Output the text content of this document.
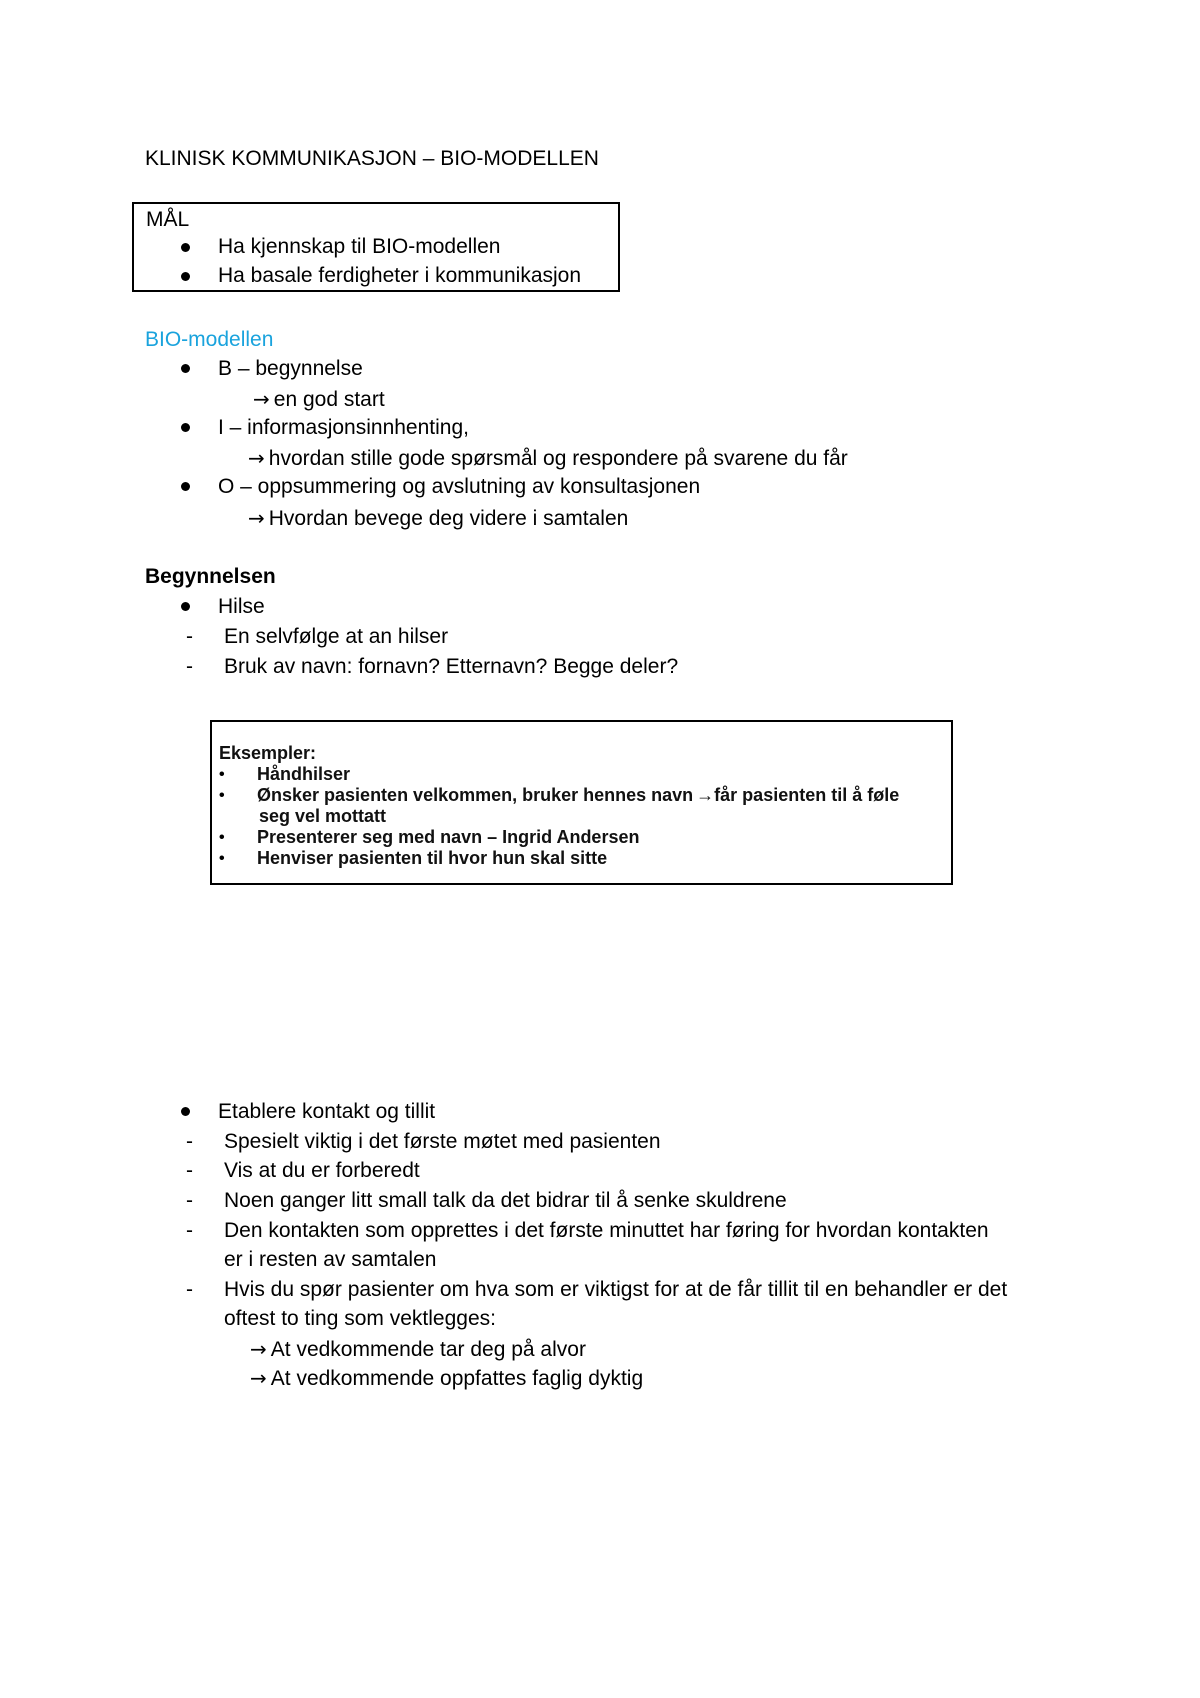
KLINISK KOMMUNIKASJON – BIO-MODELLEN
MÅL
Ha kjennskap til BIO-modellen
Ha basale ferdigheter i kommunikasjon
BIO-modellen
B – begynnelse
→ en god start
I – informasjonsinnhenting,
→ hvordan stille gode spørsmål og respondere på svarene du får
O – oppsummering og avslutning av konsultasjonen
→ Hvordan bevege deg videre i samtalen
Begynnelsen
Hilse
- En selvfølge at an hilser
- Bruk av navn: fornavn? Etternavn? Begge deler?
Eksempler:
• Håndhilser
• Ønsker pasienten velkommen, bruker hennes navn →får pasienten til å føle
seg vel mottatt
• Presenterer seg med navn – Ingrid Andersen
• Henviser pasienten til hvor hun skal sitte
Etablere kontakt og tillit
- Spesielt viktig i det første møtet med pasienten
- Vis at du er forberedt
- Noen ganger litt small talk da det bidrar til å senke skuldrene
- Den kontakten som opprettes i det første minuttet har føring for hvordan kontakten
er i resten av samtalen
- Hvis du spør pasienter om hva som er viktigst for at de får tillit til en behandler er det
oftest to ting som vektlegges:
→ At vedkommende tar deg på alvor
→ At vedkommende oppfattes faglig dyktig
